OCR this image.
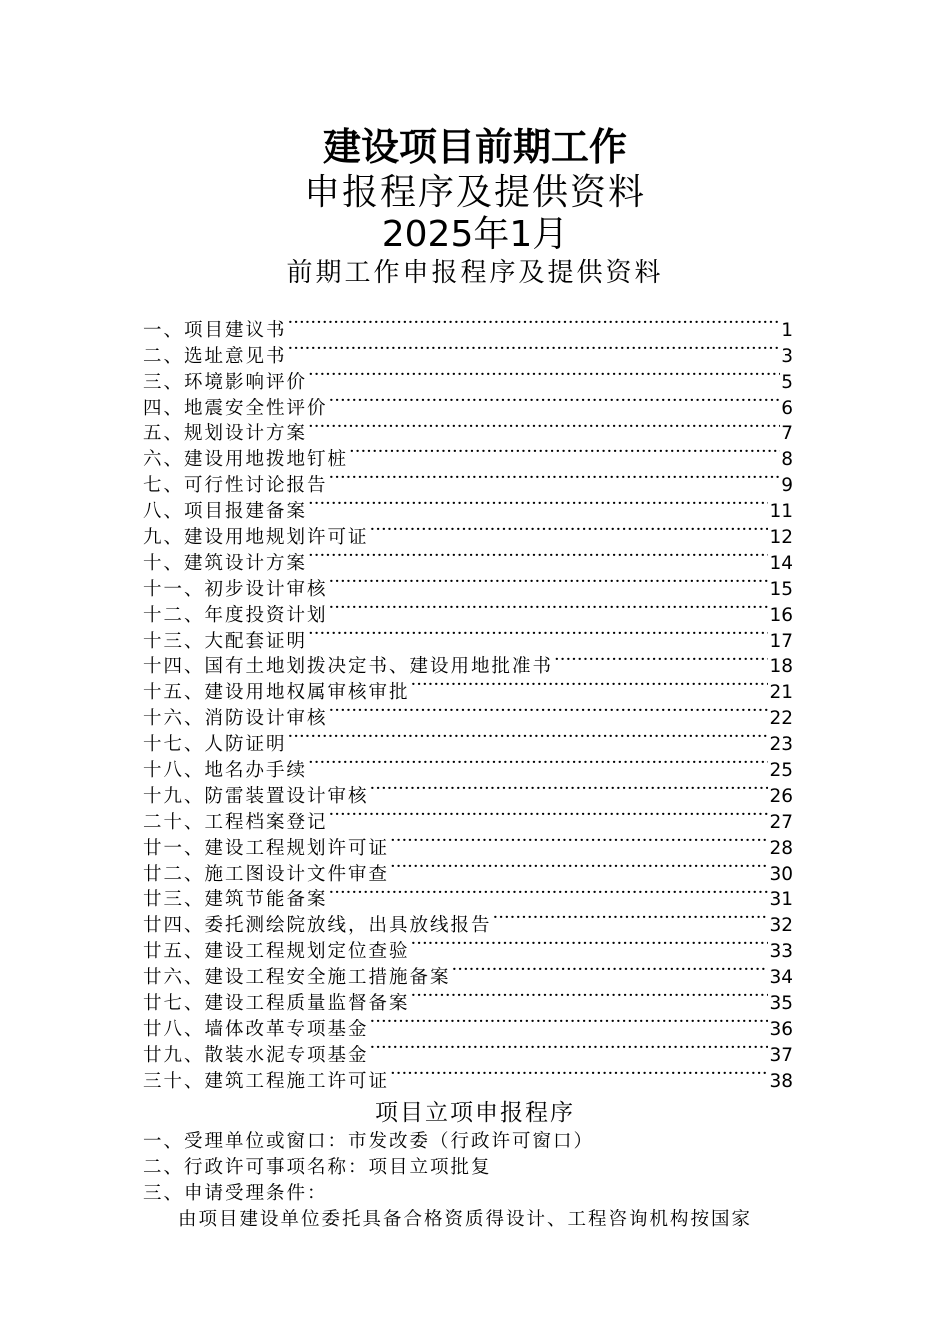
建设项目前期工作
申报程序及提供资料
2025年1月
前期工作申报程序及提供资料
一、项目建议书 ·····	1
二、选址意见书 ·····	3
三、环境影响评价 ·····	5
四、地震安全性评价 ·····	6
五、规划设计方案 ·····	7
六、建设用地拨地钉桩 ·····	8
七、可行性讨论报告 ·····	9
八、项目报建备案 ·····	11
九、建设用地规划许可证 ·····	12
十、建筑设计方案 ·····	14
十一、初步设计审核 ·····	15
十二、年度投资计划 ·····	16
十三、大配套证明 ·····	17
十四、国有土地划拨决定书、建设用地批准书 ·····	18
十五、建设用地权属审核审批 ·····	21
十六、消防设计审核 ·····	22
十七、人防证明 ·····	23
十八、地名办手续 ·····	25
十九、防雷装置设计审核 ·····	26
二十、工程档案登记 ·····	27
廿一、建设工程规划许可证 ·····	28
廿二、施工图设计文件审查 ·····	30
廿三、建筑节能备案 ·····	31
廿四、委托测绘院放线，出具放线报告 ·····	32
廿五、建设工程规划定位查验 ·····	33
廿六、建设工程安全施工措施备案 ·····	34
廿七、建设工程质量监督备案 ·····	35
廿八、墙体改革专项基金 ·····	36
廿九、散装水泥专项基金 ·····	37
三十、建筑工程施工许可证 ·····	38
项目立项申报程序
一、受理单位或窗口：市发改委（行政许可窗口）
二、行政许可事项名称：项目立项批复
三、申请受理条件：
由项目建设单位委托具备合格资质得设计、工程咨询机构按国家
